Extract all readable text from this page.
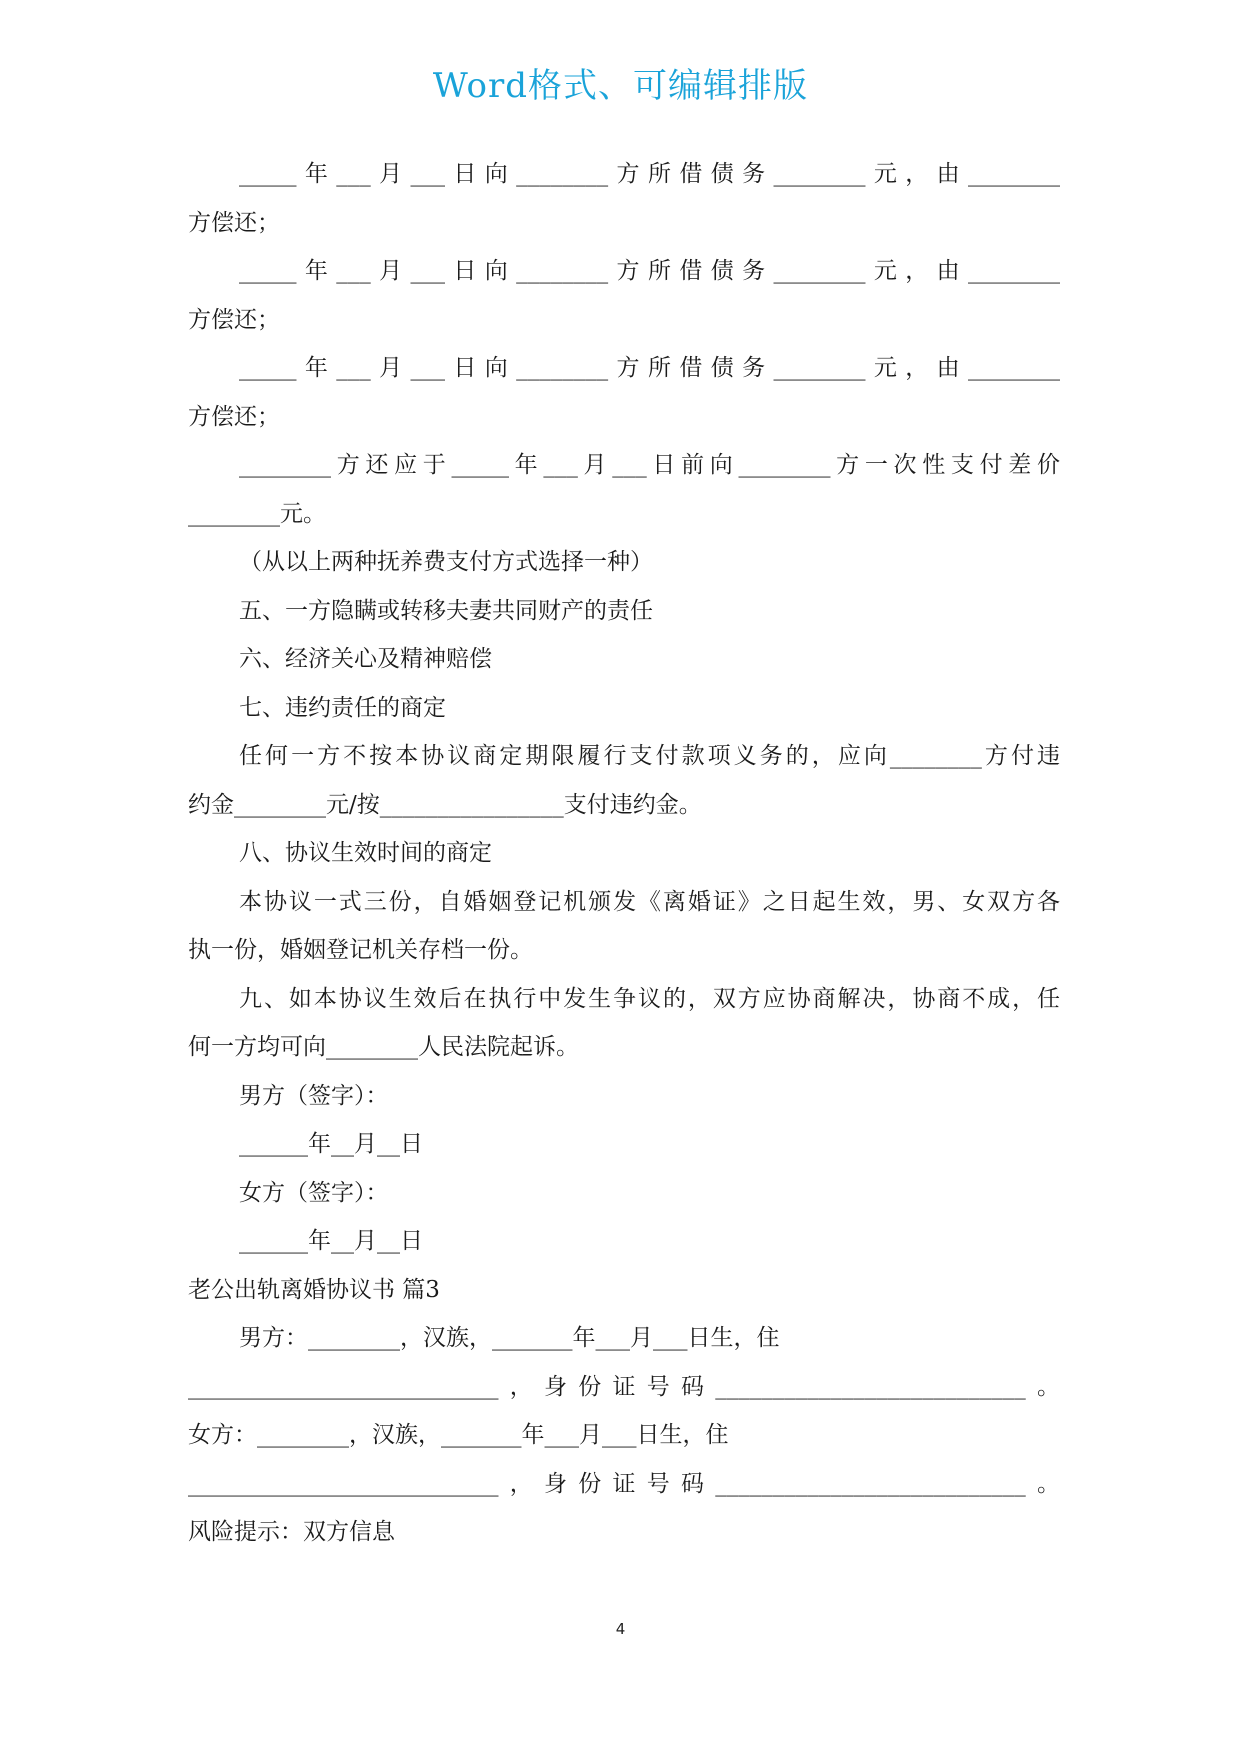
Word格式、可编辑排版

_____年___月___日向________方所借债务________元，由________

方偿还；

_____年___月___日向________方所借债务________元，由________

方偿还；

_____年___月___日向________方所借债务________元，由________

方偿还；

________方还应于_____年___月___日前向________方一次性支付差价

________元。

（从以上两种抚养费支付方式选择一种）

五、一方隐瞒或转移夫妻共同财产的责任

六、经济关心及精神赔偿

七、违约责任的商定

任何一方不按本协议商定期限履行支付款项义务的，应向________方付违

约金________元/按________________支付违约金。

八、协议生效时间的商定

本协议一式三份，自婚姻登记机颁发《离婚证》之日起生效，男、女双方各

执一份，婚姻登记机关存档一份。

九、如本协议生效后在执行中发生争议的，双方应协商解决，协商不成，任

何一方均可向________人民法院起诉。

男方（签字）：

______年__月__日

女方（签字）：

______年__月__日

老公出轨离婚协议书 篇3

男方：________，汉族，_______年___月___日生，住

___________________________，身份证号码___________________________。

女方：________，汉族，_______年___月___日生，住

___________________________，身份证号码___________________________。

风险提示：双方信息

4
